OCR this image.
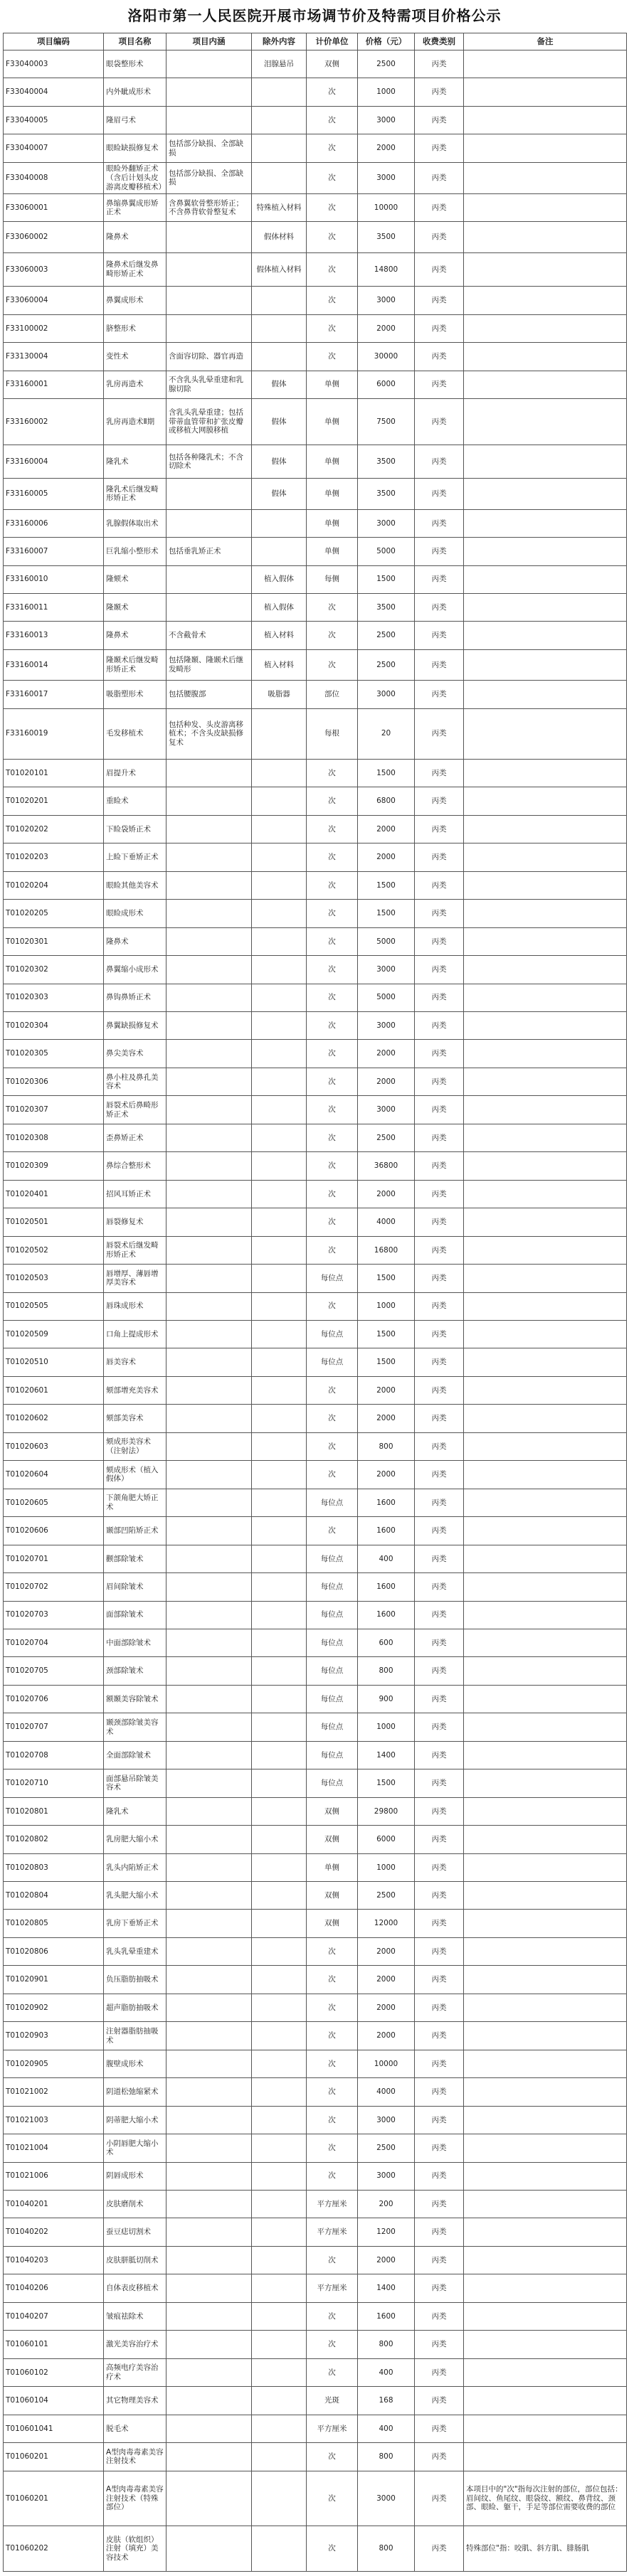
洛阳市第一人民医院开展市场调节价及特需项目价格公示
项目编码	项目名称	项目内涵	除外内容	计价单位	价格（元）	收费类别	备注
F33040003	眼袋整形术		泪腺悬吊	双侧	2500	丙类	
F33040004	内外眦成形术			次	1000	丙类	
F33040005	隆眉弓术			次	3000	丙类	
F33040007	眼睑缺损修复术	包括部分缺损、全部缺损		次	2000	丙类	
F33040008	眼睑外翻矫正术（含后计划头皮游离皮瓣移植术）	包括部分缺损、全部缺损		次	3000	丙类	
F33060001	鼻缩鼻翼成形矫正术	含鼻翼软骨整形矫正；不含鼻背软骨整复术	特殊植入材料	次	10000	丙类	
F33060002	隆鼻术		假体材料	次	3500	丙类	
F33060003	隆鼻术后继发鼻畸形矫正术		假体植入材料	次	14800	丙类	
F33060004	鼻翼成形术			次	3000	丙类	
F33100002	脐整形术			次	2000	丙类	
F33130004	变性术	含面容切除、器官再造		次	30000	丙类	
F33160001	乳房再造术	不含乳头乳晕重建和乳腺切除	假体	单侧	6000	丙类	
F33160002	乳房再造术Ⅱ期	含乳头乳晕重建；包括带蒂血管带和扩张皮瓣或移植大网膜移植	假体	单侧	7500	丙类	
F33160004	隆乳术	包括各种隆乳术；不含切除术	假体	单侧	3500	丙类	
F33160005	隆乳术后继发畸形矫正术		假体	单侧	3500	丙类	
F33160006	乳腺假体取出术			单侧	3000	丙类	
F33160007	巨乳缩小整形术	包括垂乳矫正术		单侧	5000	丙类	
F33160010	隆颏术		植入假体	每侧	1500	丙类	
F33160011	隆颞术		植入假体	次	3500	丙类	
F33160013	隆鼻术	不含截骨术	植入材料	次	2500	丙类	
F33160014	隆颞术后继发畸形矫正术	包括隆颞、隆颞术后继发畸形	植入材料	次	2500	丙类	
F33160017	吸脂塑形术	包括腰腹部	吸脂器	部位	3000	丙类	
F33160019	毛发移植术	包括种发、头皮游离移植术；不含头皮缺损修复术		每根	20	丙类	
T01020101	眉提升术			次	1500	丙类	
T01020201	重睑术			次	6800	丙类	
T01020202	下睑袋矫正术			次	2000	丙类	
T01020203	上睑下垂矫正术			次	2000	丙类	
T01020204	眼睑其他美容术			次	1500	丙类	
T01020205	眼睑成形术			次	1500	丙类	
T01020301	隆鼻术			次	5000	丙类	
T01020302	鼻翼缩小成形术			次	3000	丙类	
T01020303	鼻钩鼻矫正术			次	5000	丙类	
T01020304	鼻翼缺损修复术			次	3000	丙类	
T01020305	鼻尖美容术			次	2000	丙类	
T01020306	鼻小柱及鼻孔美容术			次	2000	丙类	
T01020307	唇裂术后鼻畸形矫正术			次	3000	丙类	
T01020308	歪鼻矫正术			次	2500	丙类	
T01020309	鼻综合整形术			次	36800	丙类	
T01020401	招风耳矫正术			次	2000	丙类	
T01020501	唇裂修复术			次	4000	丙类	
T01020502	唇裂术后继发畸形矫正术			次	16800	丙类	
T01020503	唇增厚、薄唇增厚美容术			每位点	1500	丙类	
T01020505	唇珠成形术			次	1000	丙类	
T01020509	口角上提成形术			每位点	1500	丙类	
T01020510	唇美容术			每位点	1500	丙类	
T01020601	颏部增充美容术			次	2000	丙类	
T01020602	颏部美容术			次	2000	丙类	
T01020603	颏成形美容术（注射法）			次	800	丙类	
T01020604	颏成形术（植入假体）			次	2000	丙类	
T01020605	下颌角肥大矫正术			每位点	1600	丙类	
T01020606	颞部凹陷矫正术			次	1600	丙类	
T01020701	颧部除皱术			每位点	400	丙类	
T01020702	眉间除皱术			每位点	1600	丙类	
T01020703	面部除皱术			每位点	1600	丙类	
T01020704	中面部除皱术			每位点	600	丙类	
T01020705	颈部除皱术			每位点	800	丙类	
T01020706	额颞美容除皱术			每位点	900	丙类	
T01020707	颞颈部除皱美容术			每位点	1000	丙类	
T01020708	全面部除皱术			每位点	1400	丙类	
T01020710	面部悬吊除皱美容术			每位点	1500	丙类	
T01020801	隆乳术			双侧	29800	丙类	
T01020802	乳房肥大缩小术			双侧	6000	丙类	
T01020803	乳头内陷矫正术			单侧	1000	丙类	
T01020804	乳头肥大缩小术			双侧	2500	丙类	
T01020805	乳房下垂矫正术			双侧	12000	丙类	
T01020806	乳头乳晕重建术			次	2000	丙类	
T01020901	负压脂肪抽吸术			次	2000	丙类	
T01020902	超声脂肪抽吸术			次	2000	丙类	
T01020903	注射器脂肪抽吸术			次	2000	丙类	
T01020905	腹壁成形术			次	10000	丙类	
T01021002	阴道松弛缩紧术			次	4000	丙类	
T01021003	阴蒂肥大缩小术			次	3000	丙类	
T01021004	小阴唇肥大缩小术			次	2500	丙类	
T01021006	阴唇成形术			次	3000	丙类	
T01040201	皮肤磨削术			平方厘米	200	丙类	
T01040202	蚕豆痣切割术			平方厘米	1200	丙类	
T01040203	皮肤胼胝切削术			次	2000	丙类	
T01040206	自体表皮移植术			平方厘米	1400	丙类	
T01040207	皱痕祛除术			次	1600	丙类	
T01060101	激光美容治疗术			次	800	丙类	
T01060102	高频电疗美容治疗术			次	400	丙类	
T01060104	其它物理美容术			光斑	168	丙类	
T010601041	脱毛术			平方厘米	400	丙类	
T01060201	A型肉毒毒素美容注射技术			次	800	丙类	
T01060201	A型肉毒毒素美容注射技术（特殊部位）			次	3000	丙类	本项目中的"次"指每次注射的部位，部位包括：眉间纹、鱼尾纹、眼袋纹、额纹、鼻背纹、颈部、眼睑、躯干，手足等部位需要收费的部位
T01060202	皮肤（软组织）注射（填充）美容技术			次	800	丙类	特殊部位"指：咬肌、斜方肌、腓肠肌
